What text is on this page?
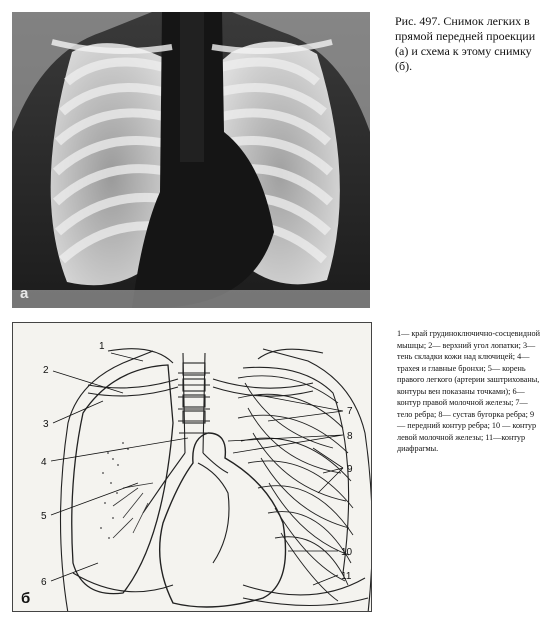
а
Рис. 497. Снимок легких в прямой передней проекции (а) и схема к этому снимку (б).
1
2
3
4
5
6
7
8
9
10
11
б
1— край грудиноключично-сосцевидной мышцы; 2— верхний угол лопатки; 3— тень складки кожи над ключицей; 4— трахея и главные бронхи; 5— корень правого легкого (артерии заштрихованы, контуры вен показаны точками); 6— контур правой молочной железы; 7— тело ребра; 8— сустав бугорка ребра; 9— передний контур ребра; 10 — контур левой молочной железы; 11—контур диафрагмы.
